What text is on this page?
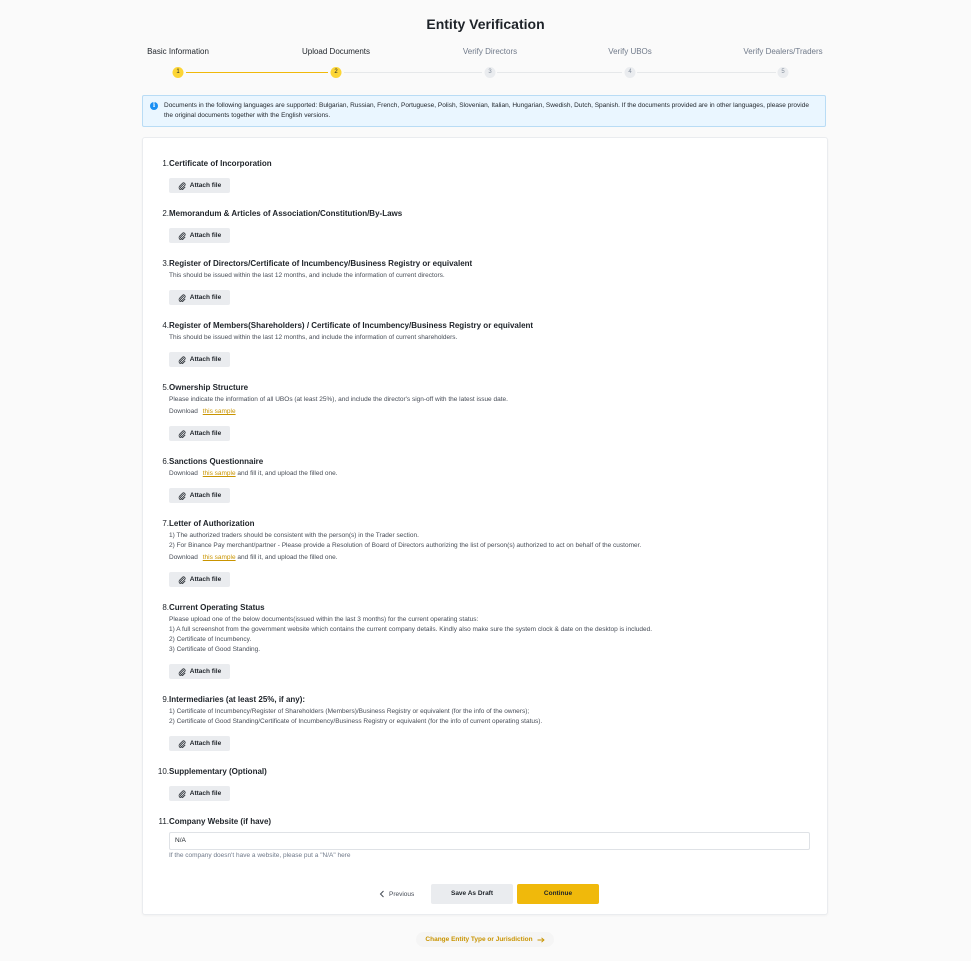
Entity Verification
Basic Information	Upload Documents	Verify Directors	Verify UBOs	Verify Dealers/Traders
1	2	3	4	5
i	Documents in the following languages are supported: Bulgarian, Russian, French, Portuguese, Polish, Slovenian, Italian, Hungarian, Swedish, Dutch, Spanish. If the documents provided are in other languages, please provide the original documents together with the English versions.
1. Certificate of Incorporation
Attach file
2. Memorandum & Articles of Association/Constitution/By-Laws
Attach file
3. Register of Directors/Certificate of Incumbency/Business Registry or equivalent
This should be issued within the last 12 months, and include the information of current directors.
Attach file
4. Register of Members(Shareholders) / Certificate of Incumbency/Business Registry or equivalent
This should be issued within the last 12 months, and include the information of current shareholders.
Attach file
5. Ownership Structure
Please indicate the information of all UBOs (at least 25%), and include the director's sign-off with the latest issue date.
Download this sample
Attach file
6. Sanctions Questionnaire
Download this sample and fill it, and upload the filled one.
Attach file
7. Letter of Authorization
1) The authorized traders should be consistent with the person(s) in the Trader section.
2) For Binance Pay merchant/partner - Please provide a Resolution of Board of Directors authorizing the list of person(s) authorized to act on behalf of the customer.
Download this sample and fill it, and upload the filled one.
Attach file
8. Current Operating Status
Please upload one of the below documents(issued within the last 3 months) for the current operating status:
1) A full screenshot from the government website which contains the current company details. Kindly also make sure the system clock & date on the desktop is included.
2) Certificate of Incumbency.
3) Certificate of Good Standing.
Attach file
9. Intermediaries (at least 25%, if any):
1) Certificate of Incumbency/Register of Shareholders (Members)/Business Registry or equivalent (for the info of the owners);
2) Certificate of Good Standing/Certificate of Incumbency/Business Registry or equivalent (for the info of current operating status).
Attach file
10. Supplementary (Optional)
Attach file
11. Company Website (if have)
N/A
If the company doesn't have a website, please put a "N/A" here
Previous	Save As Draft	Continue
Change Entity Type or Jurisdiction
